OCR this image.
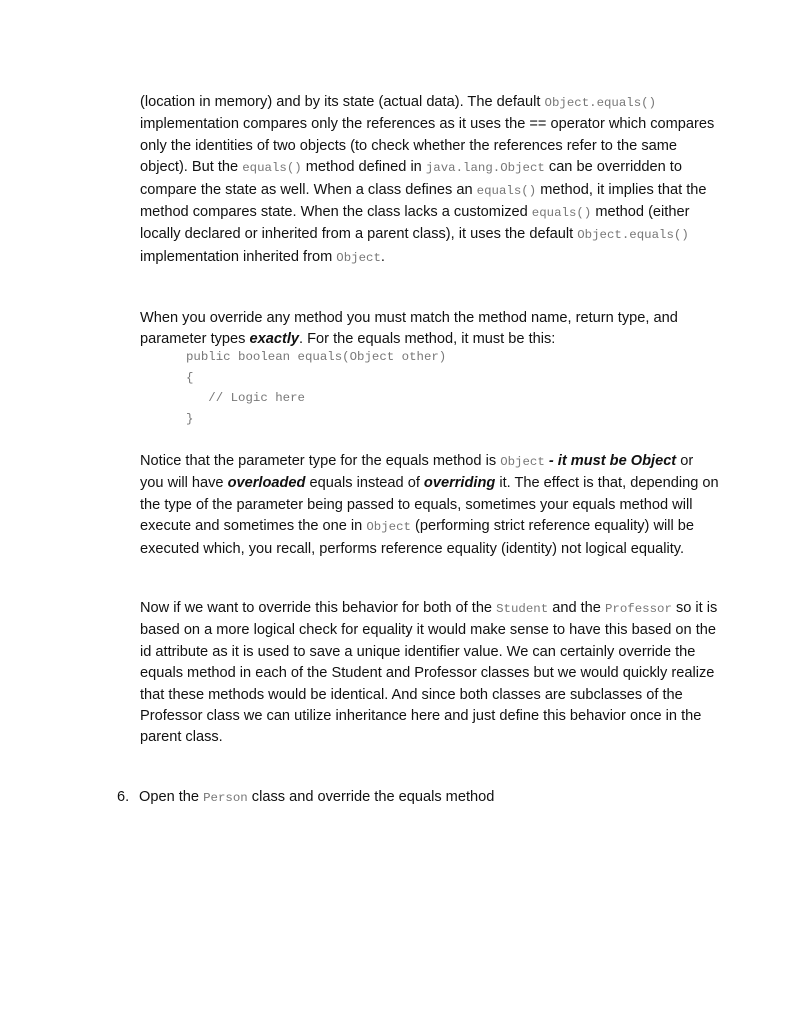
(location in memory) and by its state (actual data). The default Object.equals() implementation compares only the references as it uses the == operator which compares only the identities of two objects (to check whether the references refer to the same object). But the equals() method defined in java.lang.Object can be overridden to compare the state as well. When a class defines an equals() method, it implies that the method compares state. When the class lacks a customized equals() method (either locally declared or inherited from a parent class), it uses the default Object.equals() implementation inherited from Object.

When you override any method you must match the method name, return type, and parameter types exactly. For the equals method, it must be this:

public boolean equals(Object other)
{
// Logic here
}

Notice that the parameter type for the equals method is Object - it must be Object or you will have overloaded equals instead of overriding it. The effect is that, depending on the type of the parameter being passed to equals, sometimes your equals method will execute and sometimes the one in Object (performing strict reference equality) will be executed which, you recall, performs reference equality (identity) not logical equality.

Now if we want to override this behavior for both of the Student and the Professor so it is based on a more logical check for equality it would make sense to have this based on the id attribute as it is used to save a unique identifier value. We can certainly override the equals method in each of the Student and Professor classes but we would quickly realize that these methods would be identical. And since both classes are subclasses of the Professor class we can utilize inheritance here and just define this behavior once in the parent class.

6. Open the Person class and override the equals method
